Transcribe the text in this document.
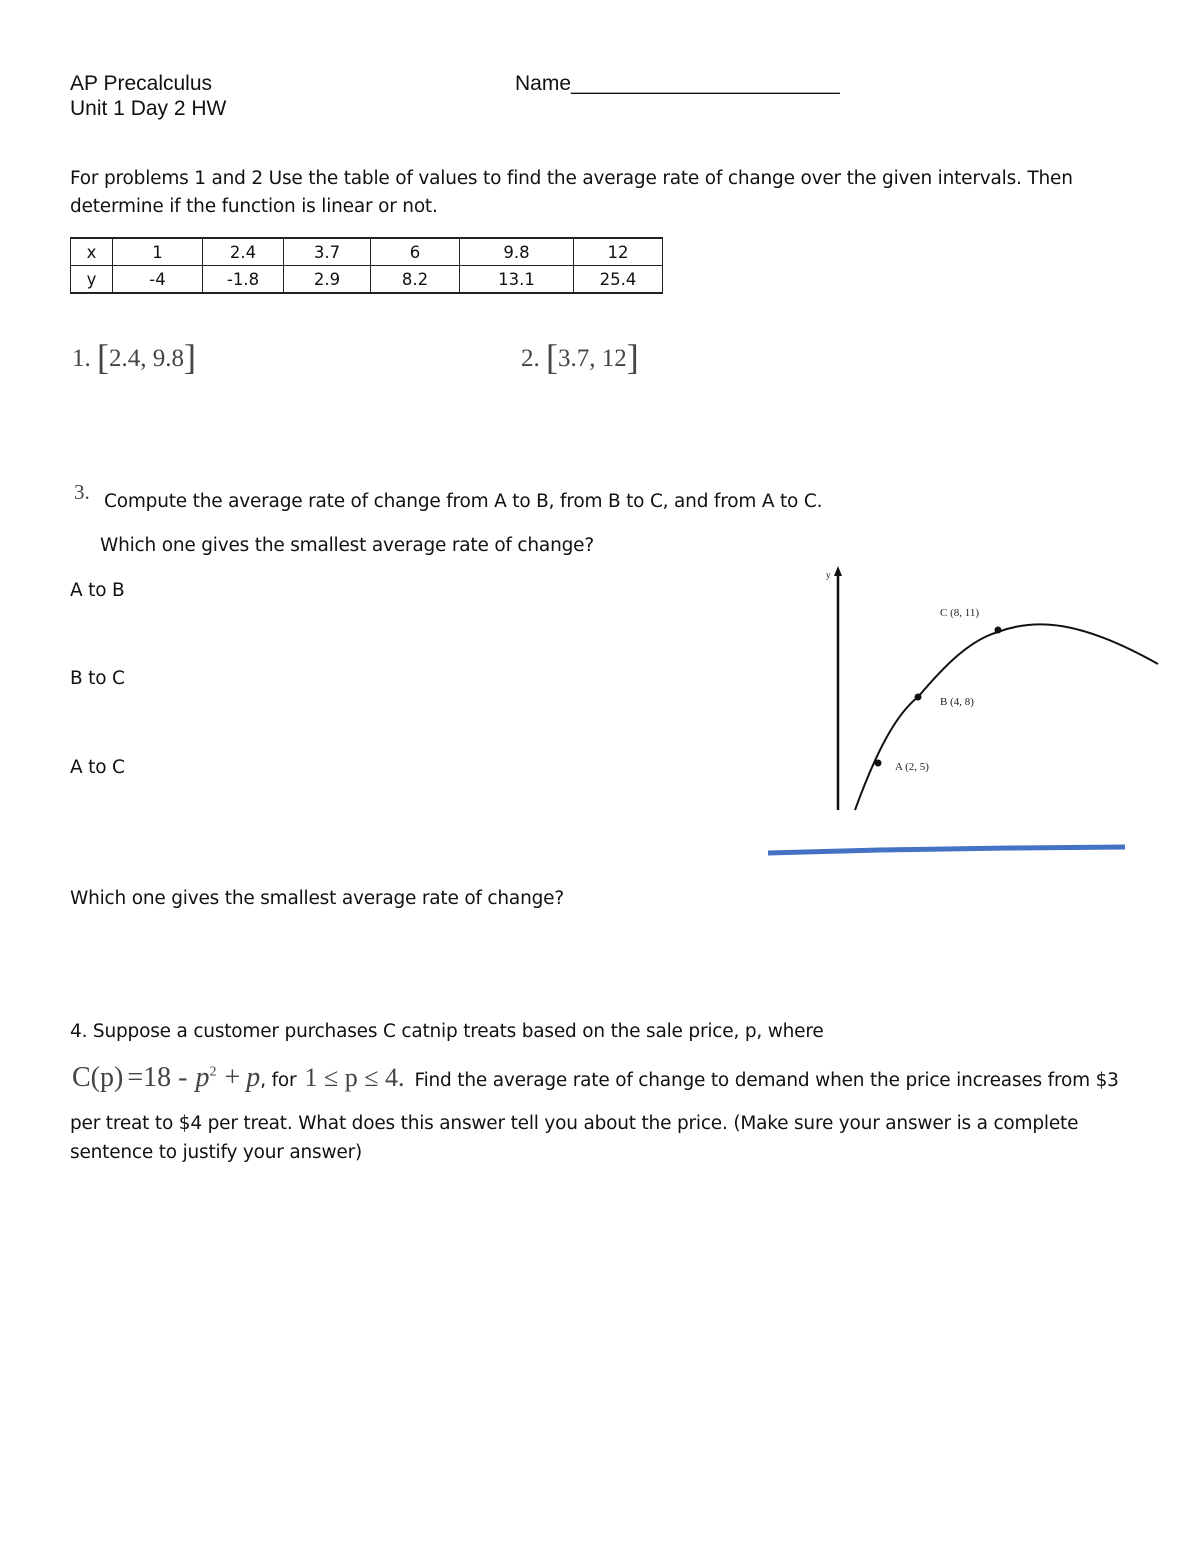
AP Precalculus
Unit 1 Day 2 HW
Name_______________________
For problems 1 and 2 Use the table of values to find the average rate of change over the given intervals. Then
determine if the function is linear or not.
x	1	2.4	3.7	6	9.8	12
y	-4	-1.8	2.9	8.2	13.1	25.4
1. [2.4, 9.8]	2. [3.7, 12]
3. Compute the average rate of change from A to B, from B to C, and from A to C.
Which one gives the smallest average rate of change?
A to B
B to C
A to C
Which one gives the smallest average rate of change?
y
A (2, 5)
B (4, 8)
C (8, 11)
4. Suppose a customer purchases C catnip treats based on the sale price, p, where
$C(p) =18 - p^2 + p$ , for 1 ≤ p ≤ 4. Find the average rate of change to demand when the price increases from $3
per treat to $4 per treat. What does this answer tell you about the price. (Make sure your answer is a complete
sentence to justify your answer)
